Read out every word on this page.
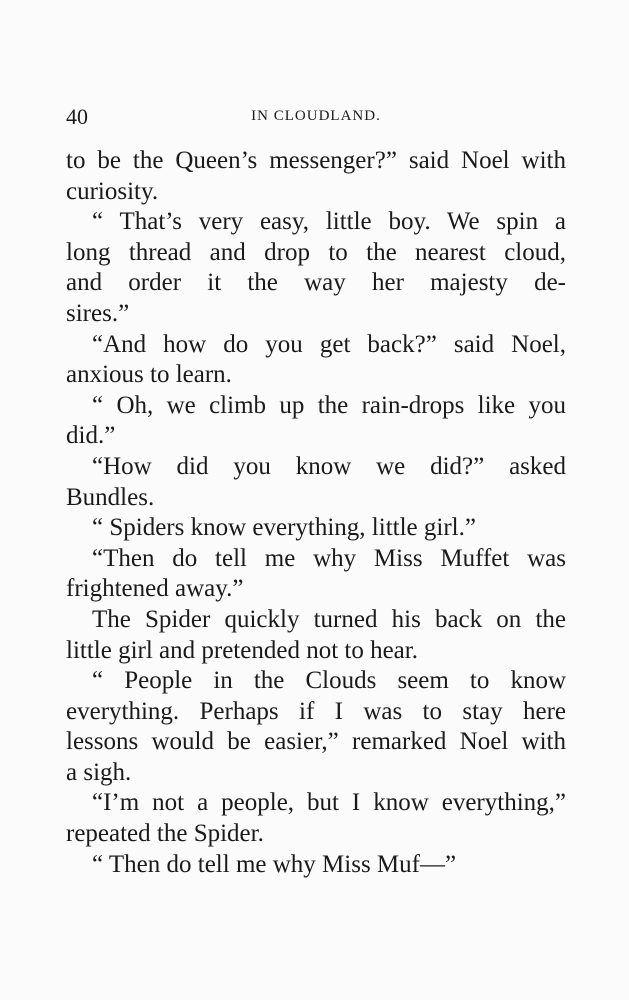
40	IN CLOUDLAND.
to be the Queen’s messenger?” said Noel with
curiosity.
“ That’s very easy, little boy. We spin a
long thread and drop to the nearest cloud,
and order it the way her majesty de-
sires.”
“And how do you get back?” said Noel,
anxious to learn.
“ Oh, we climb up the rain-drops like you
did.”
“How did you know we did?” asked
Bundles.
“ Spiders know everything, little girl.”
“Then do tell me why Miss Muffet was
frightened away.”
The Spider quickly turned his back on the
little girl and pretended not to hear.
“ People in the Clouds seem to know
everything. Perhaps if I was to stay here
lessons would be easier,” remarked Noel with
a sigh.
“I’m not a people, but I know everything,”
repeated the Spider.
“ Then do tell me why Miss Muf—”
